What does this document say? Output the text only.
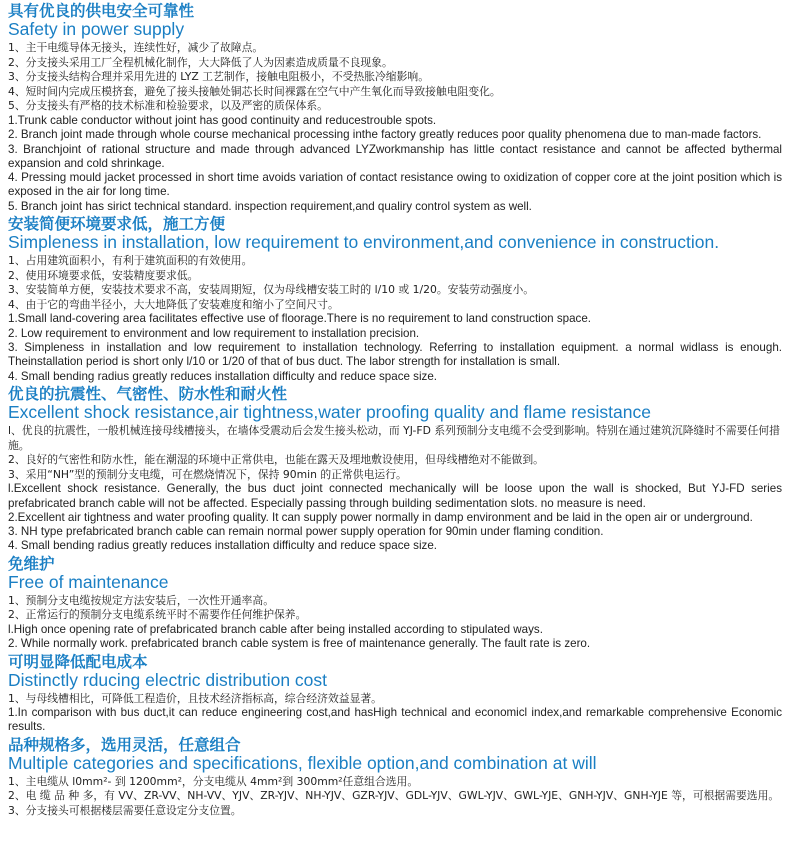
具有优良的供电安全可靠性
Safety in power supply

1、主干电缆导体无接头，连续性好，减少了故障点。

2、分支接头采用工厂全程机械化制作，大大降低了人为因素造成质量不良现象。

3、分支接头结构合理并采用先进的 LYZ 工艺制作，接触电阻极小，不受热胀冷缩影响。

4、短时间内完成压模挤套，避免了接头接触处铜芯长时间裸露在空气中产生氧化而导致接触电阻变化。

5、分支接头有严格的技术标准和检验要求，以及严密的质保体系。

1.Trunk cable conductor without joint has good continuity and reducestrouble spots.

2. Branch joint made through whole course mechanical processing inthe factory greatly reduces poor quality phenomena due to man-made factors.

3. Branchjoint of rational structure and made through advanced LYZworkmanship has little contact resistance and cannot be affected bythermal expansion and cold shrinkage.

4. Pressing mould jacket processed in short time avoids variation of contact resistance owing to oxidization of copper core at the joint position which is exposed in the air for long time.

5. Branch joint has sirict technical standard. inspection requirement,and qualiry control system as well.

安装简便环境要求低，施工方便
Simpleness in installation, low requirement to environment,and convenience in construction.

1、占用建筑面积小，有利于建筑面积的有效使用。

2、使用环境要求低，安装精度要求低。

3、安装简单方便，安装技术要求不高，安装周期短，仅为母线槽安装工时的 l/10 或 1/20。安装劳动强度小。

4、由于它的弯曲半径小，大大地降低了安装难度和缩小了空间尺寸。

1.Small land-covering area facilitates effective use of floorage.There is no requirement to land construction space.

2. Low requirement to environment and low requirement to installation precision.

3. Simpleness in installation and low requirement to installation technology. Referring to installation equipment. a normal widlass is enough. Theinstallation period is short only l/10 or 1/20 of that of bus duct. The labor strength for installation is small.

4. Small bending radius greatly reduces installation difficulty and reduce space size.

优良的抗震性、气密性、防水性和耐火性
Excellent shock resistance,air tightness,water proofing quality and flame resistance

l、优良的抗震性，一般机械连接母线槽接头，在墙体受震动后会发生接头松动，而 YJ-FD 系列预制分支电缆不会受到影响。特别在通过建筑沉降缝时不需要任何措施。

2、良好的气密性和防水性，能在潮湿的环境中正常供电，也能在露天及埋地敷设使用，但母线槽绝对不能做到。

3、采用“NH”型的预制分支电缆，可在燃烧情况下，保持 90min 的正常供电运行。

l.Excellent shock resistance. Generally, the bus duct joint connected mechanically will be loose upon the wall is shocked, But YJ-FD series prefabricated branch cable will not be affected. Especially passing through building sedimentation slots. no measure is need.

2.Excellent air tightness and water proofing quality. It can supply power normally in damp environment and be laid in the open air or underground.

3. NH type prefabricated branch cable can remain normal power supply operation for 90min under flaming condition.

4. Small bending radius greatly reduces installation difficulty and reduce space size.

免维护
Free of maintenance

1、预制分支电缆按规定方法安装后，一次性开通率高。

2、正常运行的预制分支电缆系统平时不需要作任何维护保养。

l.High once opening rate of prefabricated branch cable after being installed according to stipulated ways.

2. While normally work. prefabricated branch cable system is free of maintenance generally. The fault rate is zero.

可明显降低配电成本
Distinctly rducing electric distribution cost

1、与母线槽相比，可降低工程造价，且技术经济指标高，综合经济效益显著。

1.In comparison with bus duct,it can reduce engineering cost,and hasHigh technical and economicl index,and remarkable comprehensive Economic results.

品种规格多，选用灵活，任意组合
Multiple categories and specifications, flexible option,and combination at will

1、主电缆从 l0mm²- 到 1200mm²，分支电缆从 4mm²到 300mm²任意组合选用。

2、电 缆 品 种 多，有 VV、ZR-VV、NH-VV、YJV、ZR-YJV、NH-YJV、GZR-YJV、GDL-YJV、GWL-YJV、GWL-YJE、GNH-YJV、GNH-YJE 等，可根据需要选用。

3、分支接头可根据楼层需要任意设定分支位置。
